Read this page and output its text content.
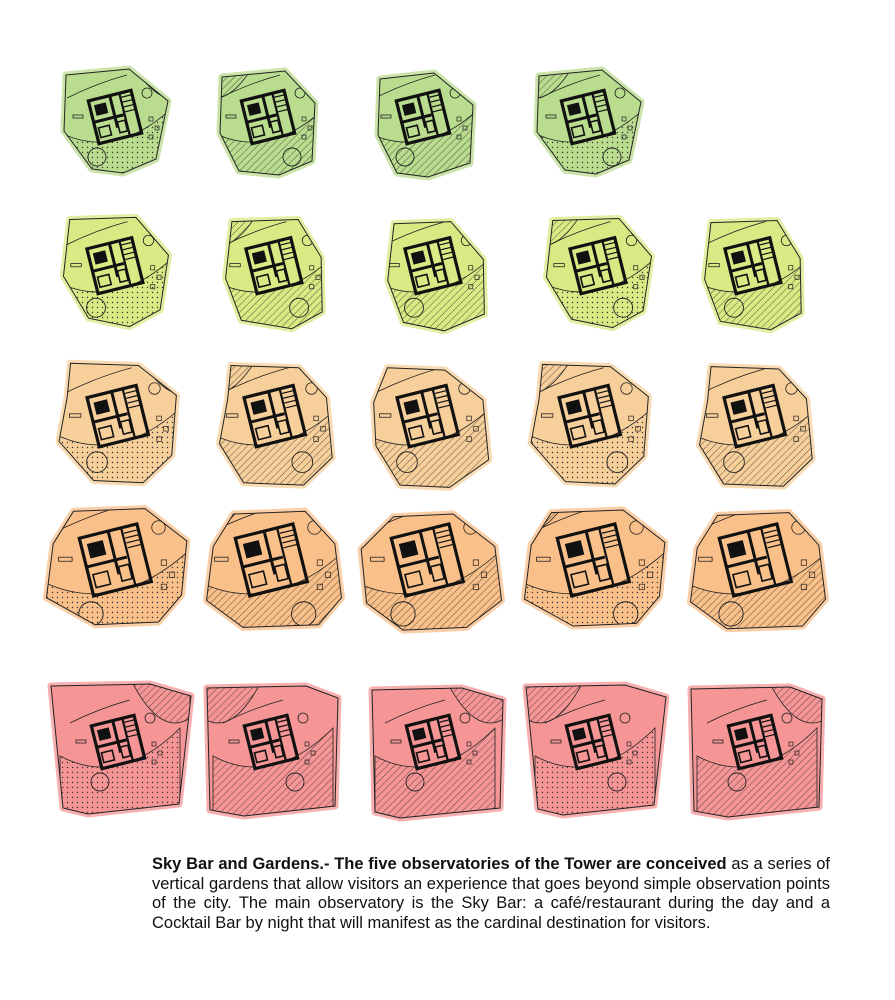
Sky Bar and Gardens.- The five observatories of the Tower are conceived as a series of vertical gardens that allow visitors an experience that goes beyond simple observation points of the city. The main observatory is the Sky Bar: a café/restaurant during the day and a Cocktail Bar by night that will manifest as the cardinal destination for visitors.
